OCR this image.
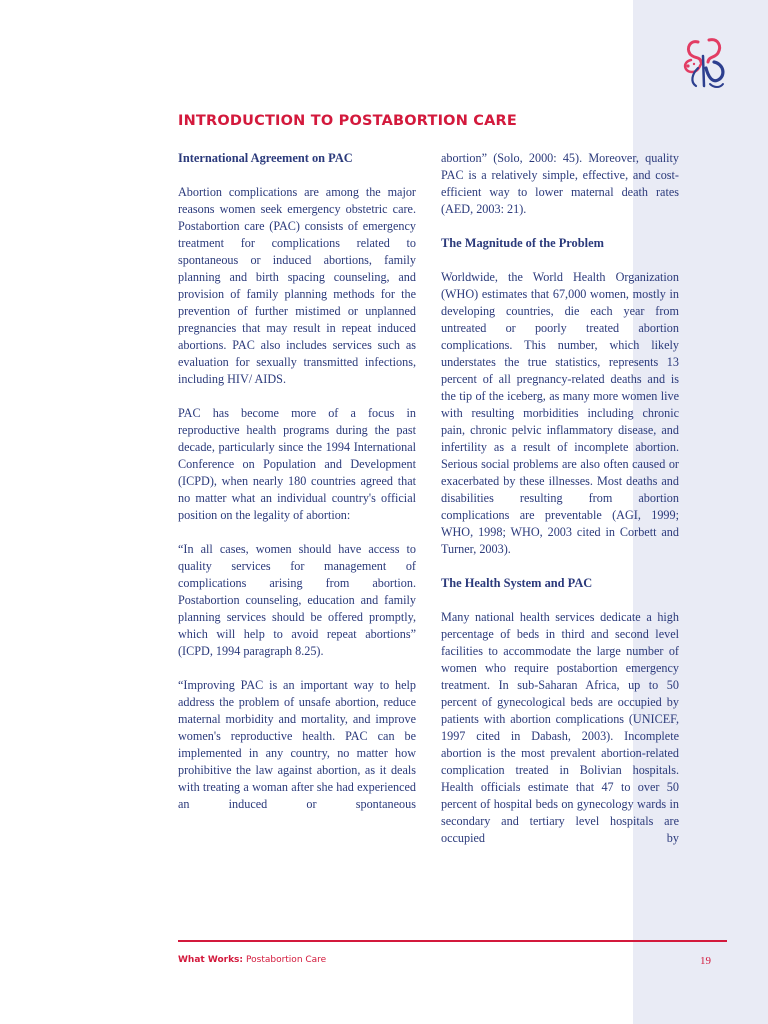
INTRODUCTION TO POSTABORTION CARE
International Agreement on PAC

Abortion complications are among the major reasons women seek emergency obstetric care. Postabortion care (PAC) consists of emergency treatment for complications related to spontaneous or induced abortions, family planning and birth spacing counseling, and provision of family planning methods for the prevention of further mistimed or unplanned pregnancies that may result in repeat induced abortions. PAC also includes services such as evaluation for sexually transmitted infections, including HIV/ AIDS.

PAC has become more of a focus in reproductive health programs during the past decade, particularly since the 1994 International Conference on Population and Development (ICPD), when nearly 180 countries agreed that no matter what an individual country's official position on the legality of abortion:

“In all cases, women should have access to quality services for management of complications arising from abortion. Postabortion counseling, education and family planning services should be offered promptly, which will help to avoid repeat abortions” (ICPD, 1994 paragraph 8.25).

“Improving PAC is an important way to help address the problem of unsafe abortion, reduce maternal morbidity and mortality, and improve women's reproductive health. PAC can be implemented in any country, no matter how prohibitive the law against abortion, as it deals with treating a woman after she had experienced an induced or spontaneous

abortion” (Solo, 2000: 45). Moreover, quality PAC is a relatively simple, effective, and cost-efficient way to lower maternal death rates (AED, 2003: 21).

The Magnitude of the Problem

Worldwide, the World Health Organization (WHO) estimates that 67,000 women, mostly in developing countries, die each year from untreated or poorly treated abortion complications. This number, which likely understates the true statistics, represents 13 percent of all pregnancy-related deaths and is the tip of the iceberg, as many more women live with resulting morbidities including chronic pain, chronic pelvic inflammatory disease, and infertility as a result of incomplete abortion. Serious social problems are also often caused or exacerbated by these illnesses. Most deaths and disabilities resulting from abortion complications are preventable (AGI, 1999; WHO, 1998; WHO, 2003 cited in Corbett and Turner, 2003).

The Health System and PAC

Many national health services dedicate a high percentage of beds in third and second level facilities to accommodate the large number of women who require postabortion emergency treatment. In sub-Saharan Africa, up to 50 percent of gynecological beds are occupied by patients with abortion complications (UNICEF, 1997 cited in Dabash, 2003). Incomplete abortion is the most prevalent abortion-related complication treated in Bolivian hospitals. Health officials estimate that 47 to over 50 percent of hospital beds on gynecology wards in secondary and tertiary level hospitals are occupied by

What Works: Postabortion Care	19
